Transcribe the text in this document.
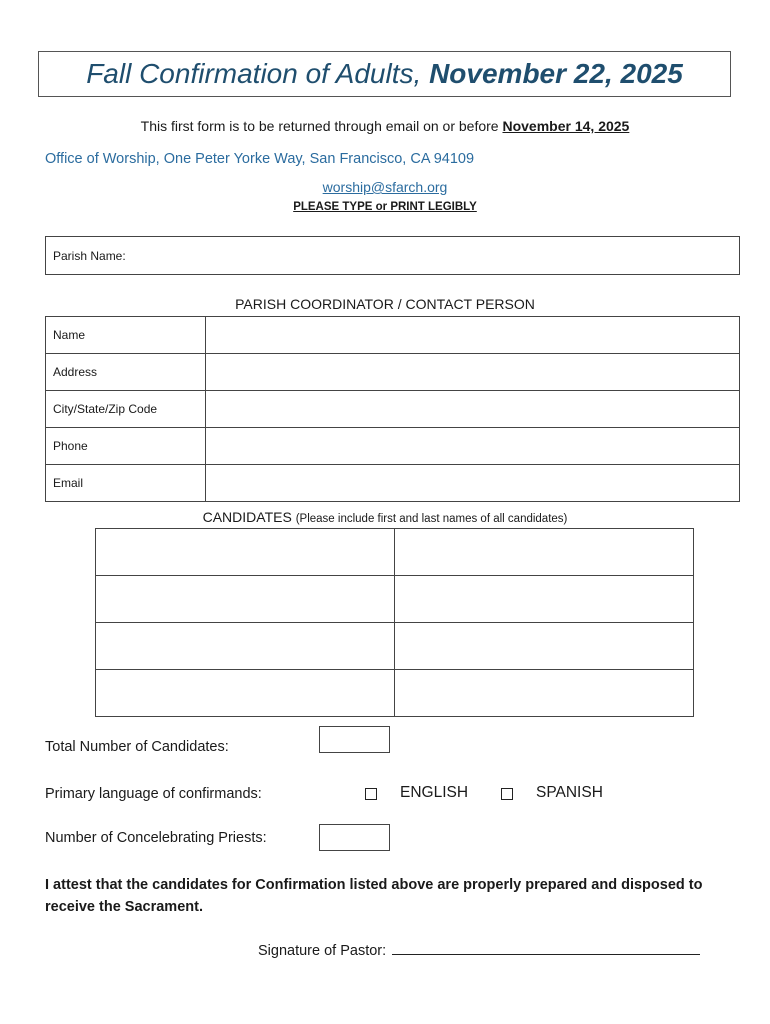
Fall Confirmation of Adults,
November 22, 2025
This first form is to be returned through email on or before November 14, 2025
Office of Worship, One Peter Yorke Way, San Francisco, CA 94109
worship@sfarch.org
PLEASE TYPE or PRINT LEGIBLY
Parish Name:
PARISH COORDINATOR / CONTACT PERSON
Name	
Address	
City/State/Zip Code	
Phone	
Email	
CANDIDATES (Please include first and last names of all candidates)

Total Number of Candidates:
Primary language of confirmands:	ENGLISH	SPANISH
Number of Concelebrating Priests:
I attest that the candidates for Confirmation listed above are properly prepared and disposed to receive the Sacrament.
Signature of Pastor:
